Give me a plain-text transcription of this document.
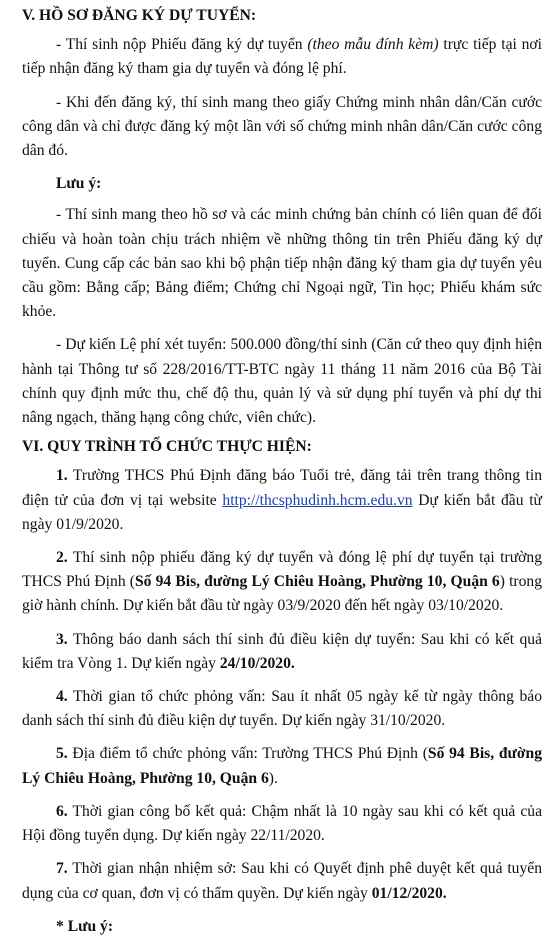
V. HỒ SƠ ĐĂNG KÝ DỰ TUYỂN:

- Thí sinh nộp Phiếu đăng ký dự tuyển (theo mẫu đính kèm) trực tiếp tại nơi tiếp nhận đăng ký tham gia dự tuyển và đóng lệ phí.

- Khi đến đăng ký, thí sinh mang theo giấy Chứng minh nhân dân/Căn cước công dân và chỉ được đăng ký một lần với số chứng minh nhân dân/Căn cước công dân đó.

Lưu ý:

- Thí sinh mang theo hồ sơ và các minh chứng bản chính có liên quan để đối chiếu và hoàn toàn chịu trách nhiệm về những thông tin trên Phiếu đăng ký dự tuyển. Cung cấp các bản sao khi bộ phận tiếp nhận đăng ký tham gia dự tuyển yêu cầu gồm: Bằng cấp; Bảng điểm; Chứng chỉ Ngoại ngữ, Tin học; Phiếu khám sức khỏe.

- Dự kiến Lệ phí xét tuyển: 500.000 đồng/thí sinh (Căn cứ theo quy định hiện hành tại Thông tư số 228/2016/TT-BTC ngày 11 tháng 11 năm 2016 của Bộ Tài chính quy định mức thu, chế độ thu, quản lý và sử dụng phí tuyển và phí dự thi nâng ngạch, thăng hạng công chức, viên chức).

VI. QUY TRÌNH TỔ CHỨC THỰC HIỆN:

1. Trường THCS Phú Định đăng báo Tuổi trẻ, đăng tải trên trang thông tin điện tử của đơn vị tại website http://thcsphudinh.hcm.edu.vn Dự kiến bắt đầu từ ngày 01/9/2020.

2. Thí sinh nộp phiếu đăng ký dự tuyển và đóng lệ phí dự tuyển tại trường THCS Phú Định (Số 94 Bis, đường Lý Chiêu Hoàng, Phường 10, Quận 6) trong giờ hành chính. Dự kiến bắt đầu từ ngày 03/9/2020 đến hết ngày 03/10/2020.

3. Thông báo danh sách thí sinh đủ điều kiện dự tuyển: Sau khi có kết quả kiểm tra Vòng 1. Dự kiến ngày 24/10/2020.

4. Thời gian tổ chức phỏng vấn: Sau ít nhất 05 ngày kể từ ngày thông báo danh sách thí sinh đủ điều kiện dự tuyển. Dự kiến ngày 31/10/2020.

5. Địa điểm tổ chức phỏng vấn: Trường THCS Phú Định (Số 94 Bis, đường Lý Chiêu Hoàng, Phường 10, Quận 6).

6. Thời gian công bố kết quả: Chậm nhất là 10 ngày sau khi có kết quả của Hội đồng tuyển dụng. Dự kiến ngày 22/11/2020.

7. Thời gian nhận nhiệm sở: Sau khi có Quyết định phê duyệt kết quả tuyển dụng của cơ quan, đơn vị có thẩm quyền. Dự kiến ngày 01/12/2020.

* Lưu ý:
